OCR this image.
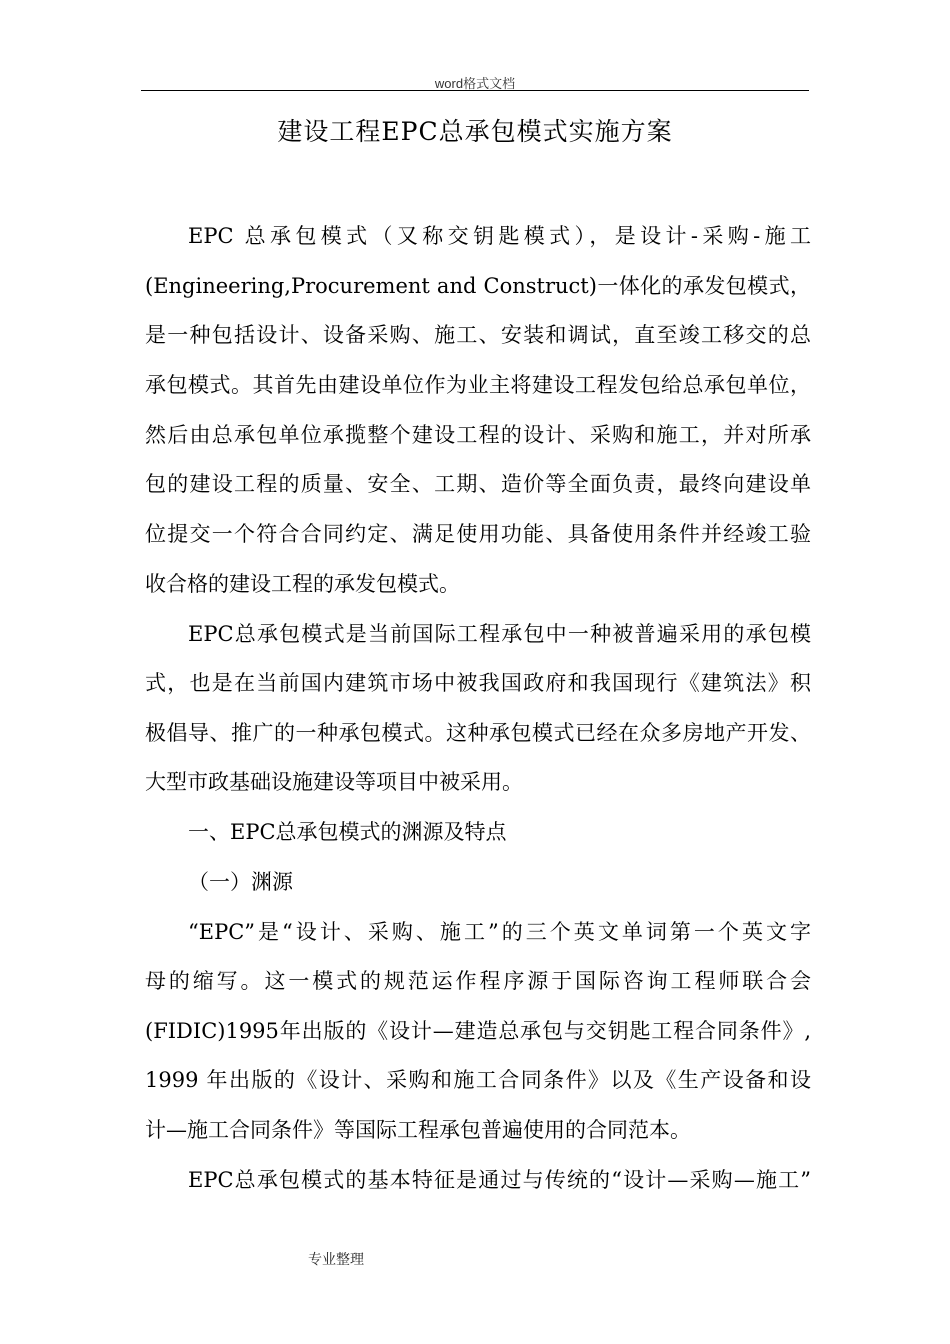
word格式文档
建设工程EPC总承包模式实施方案
EPC 总承包模式（又称交钥匙模式），是设计-采购-施工
(Engineering,Procurement and Construct)一体化的承发包模式，
是一种包括设计、设备采购、施工、安装和调试，直至竣工移交的总
承包模式。其首先由建设单位作为业主将建设工程发包给总承包单位，
然后由总承包单位承揽整个建设工程的设计、采购和施工，并对所承
包的建设工程的质量、安全、工期、造价等全面负责，最终向建设单
位提交一个符合合同约定、满足使用功能、具备使用条件并经竣工验
收合格的建设工程的承发包模式。
EPC总承包模式是当前国际工程承包中一种被普遍采用的承包模
式，也是在当前国内建筑市场中被我国政府和我国现行《建筑法》积
极倡导、推广的一种承包模式。这种承包模式已经在众多房地产开发、
大型市政基础设施建设等项目中被采用。
一、EPC总承包模式的渊源及特点
（一）渊源
“EPC”是“设计、采购、施工”的三个英文单词第一个英文字
母的缩写。这一模式的规范运作程序源于国际咨询工程师联合会
(FIDIC)1995年出版的《设计—建造总承包与交钥匙工程合同条件》,
1999 年出版的《设计、采购和施工合同条件》以及《生产设备和设
计—施工合同条件》等国际工程承包普遍使用的合同范本。
EPC总承包模式的基本特征是通过与传统的“设计—采购—施工”
专业整理
